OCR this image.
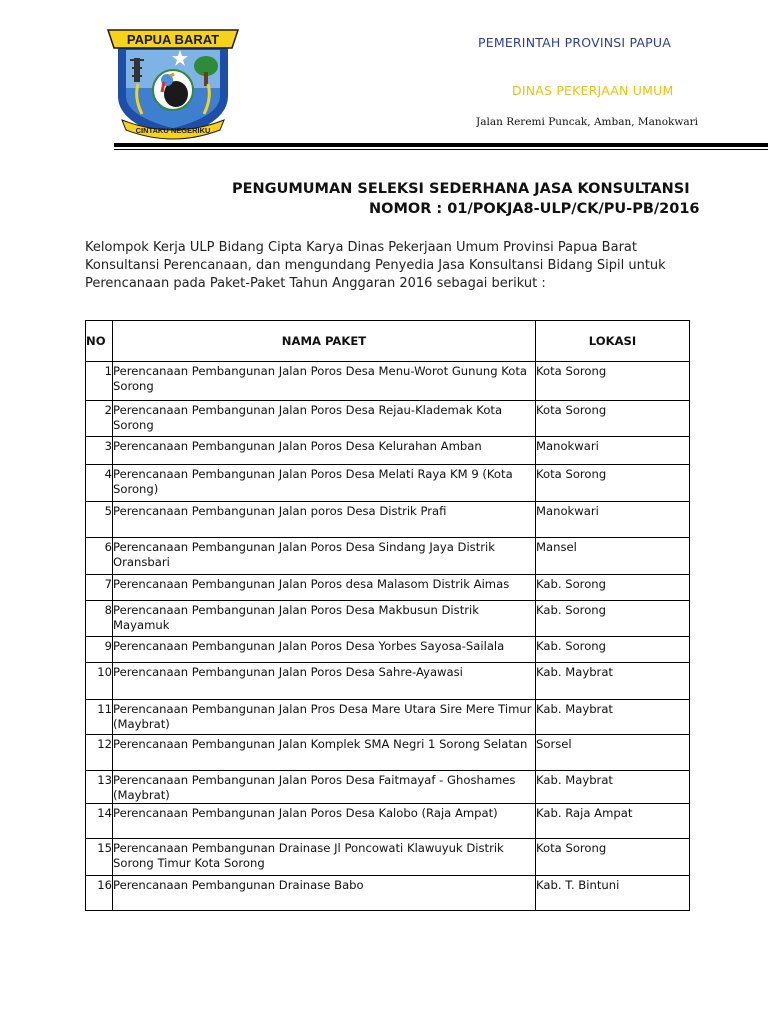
PAPUA BARAT
CINTAKU NEGERIKU
PEMERINTAH PROVINSI PAPUA
DINAS PEKERJAAN UMUM
Jalan Reremi Puncak, Amban, Manokwari
PENGUMUMAN SELEKSI SEDERHANA JASA KONSULTANSI
NOMOR : 01/POKJA8-ULP/CK/PU-PB/2016
Kelompok Kerja ULP Bidang Cipta Karya Dinas Pekerjaan Umum Provinsi Papua Barat
Konsultansi Perencanaan, dan mengundang Penyedia Jasa Konsultansi Bidang Sipil untuk
Perencanaan pada Paket-Paket Tahun Anggaran 2016 sebagai berikut :
NO	NAMA PAKET	LOKASI
1	Perencanaan Pembangunan Jalan Poros Desa Menu-Worot Gunung Kota Sorong	Kota Sorong
2	Perencanaan Pembangunan Jalan Poros Desa Rejau-Klademak Kota Sorong	Kota Sorong
3	Perencanaan Pembangunan Jalan Poros Desa Kelurahan Amban	Manokwari
4	Perencanaan Pembangunan Jalan Poros Desa Melati Raya KM 9 (Kota Sorong)	Kota Sorong
5	Perencanaan Pembangunan Jalan poros Desa Distrik Prafi	Manokwari
6	Perencanaan Pembangunan Jalan Poros Desa Sindang Jaya Distrik Oransbari	Mansel
7	Perencanaan Pembangunan Jalan Poros desa Malasom Distrik Aimas	Kab. Sorong
8	Perencanaan Pembangunan Jalan Poros Desa Makbusun Distrik Mayamuk	Kab. Sorong
9	Perencanaan Pembangunan Jalan Poros Desa Yorbes Sayosa-Sailala	Kab. Sorong
10	Perencanaan Pembangunan Jalan Poros Desa Sahre-Ayawasi	Kab. Maybrat
11	Perencanaan Pembangunan Jalan Pros Desa Mare Utara Sire Mere Timur (Maybrat)	Kab. Maybrat
12	Perencanaan Pembangunan Jalan Komplek SMA Negri 1 Sorong Selatan	Sorsel
13	Perencanaan Pembangunan Jalan Poros Desa Faitmayaf - Ghoshames (Maybrat)	Kab. Maybrat
14	Perencanaan Pembangunan Jalan Poros Desa Kalobo (Raja Ampat)	Kab. Raja Ampat
15	Perencanaan Pembangunan Drainase Jl Poncowati Klawuyuk Distrik Sorong Timur Kota Sorong	Kota Sorong
16	Perencanaan Pembangunan Drainase Babo	Kab. T. Bintuni
